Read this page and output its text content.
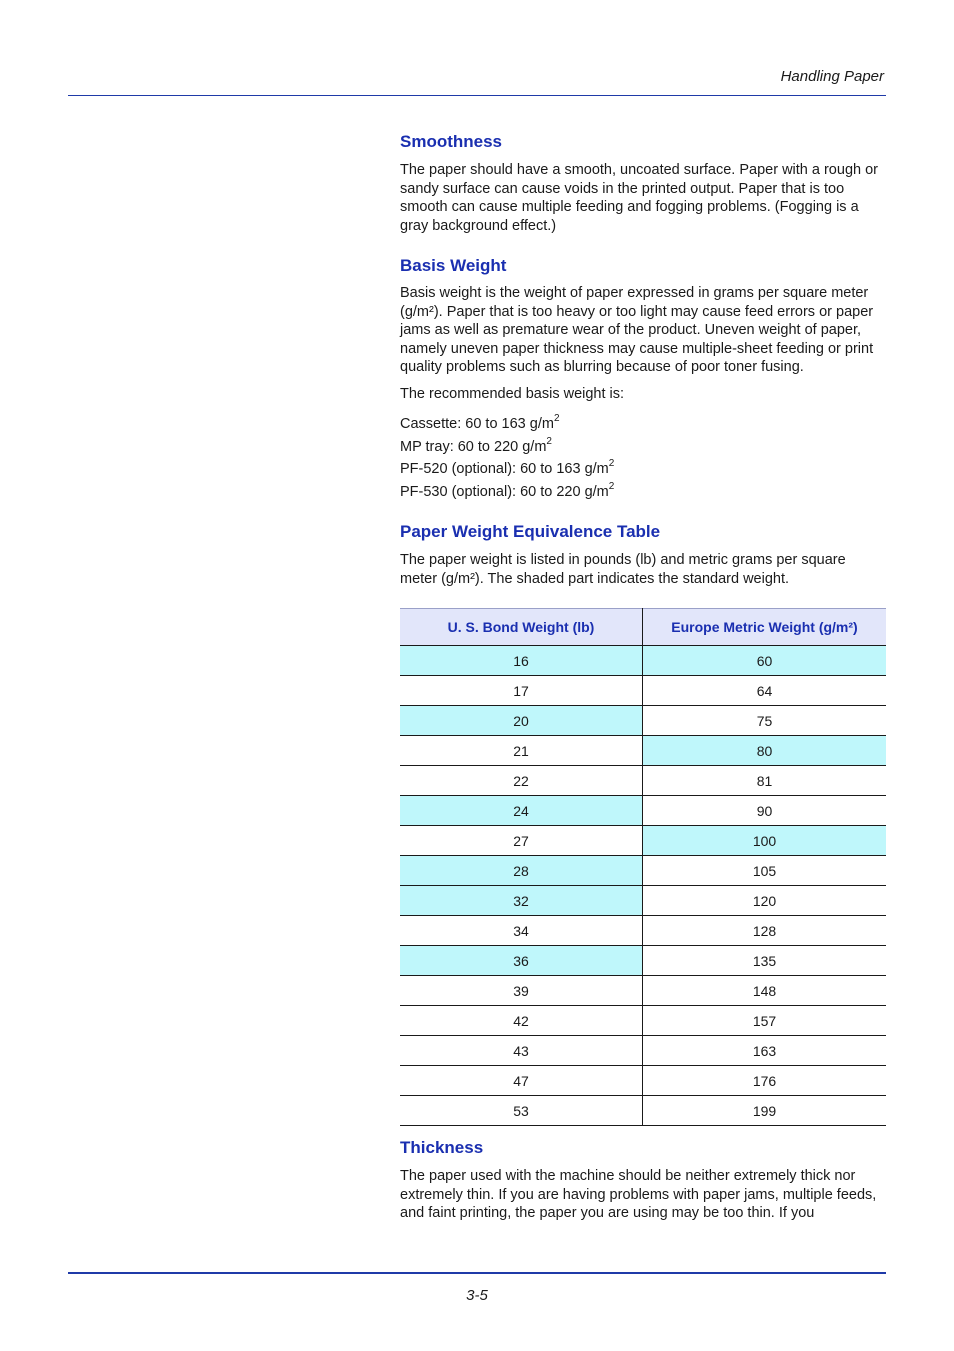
Handling Paper
Smoothness

The paper should have a smooth, uncoated surface. Paper with a rough or sandy surface can cause voids in the printed output. Paper that is too smooth can cause multiple feeding and fogging problems. (Fogging is a gray background effect.)

Basis Weight

Basis weight is the weight of paper expressed in grams per square meter (g/m²). Paper that is too heavy or too light may cause feed errors or paper jams as well as premature wear of the product. Uneven weight of paper, namely uneven paper thickness may cause multiple-sheet feeding or print quality problems such as blurring because of poor toner fusing.

The recommended basis weight is:

Cassette: 60 to 163 $g/m^2$
MP tray: 60 to 220 $g/m^2$
PF-520 (optional): 60 to 163 $g/m^2$
PF-530 (optional): 60 to 220 $g/m^2$
Paper Weight Equivalence Table

The paper weight is listed in pounds (lb) and metric grams per square meter (g/m²). The shaded part indicates the standard weight.

U. S. Bond Weight (lb)	Europe Metric Weight (g/m²)
16	60
17	64
20	75
21	80
22	81
24	90
27	100
28	105
32	120
34	128
36	135
39	148
42	157
43	163
47	176
53	199
Thickness

The paper used with the machine should be neither extremely thick nor extremely thin. If you are having problems with paper jams, multiple feeds, and faint printing, the paper you are using may be too thin. If you

3-5
